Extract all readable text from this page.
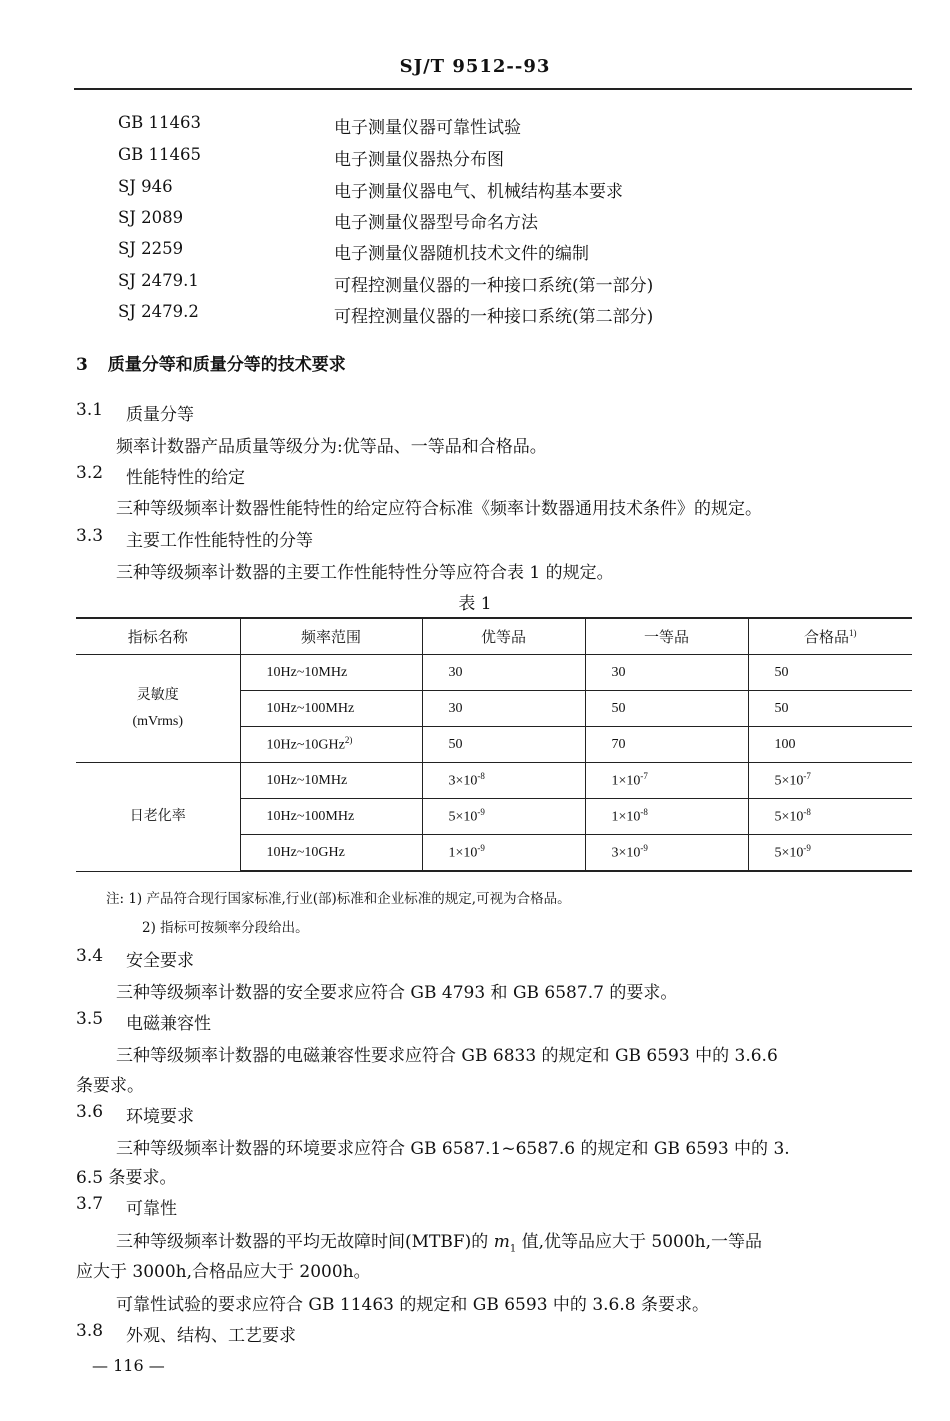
SJ/T 9512--93
GB 11463	电子测量仪器可靠性试验
GB 11465	电子测量仪器热分布图
SJ 946	电子测量仪器电气、机械结构基本要求
SJ 2089	电子测量仪器型号命名方法
SJ 2259	电子测量仪器随机技术文件的编制
SJ 2479.1	可程控测量仪器的一种接口系统(第一部分)
SJ 2479.2	可程控测量仪器的一种接口系统(第二部分)
3 质量分等和质量分等的技术要求
3.1 质量分等
频率计数器产品质量等级分为:优等品、一等品和合格品。
3.2 性能特性的给定
三种等级频率计数器性能特性的给定应符合标准《频率计数器通用技术条件》的规定。
3.3 主要工作性能特性的分等
三种等级频率计数器的主要工作性能特性分等应符合表 1 的规定。
表 1
指标名称	频率范围	优等品	一等品	合格品$^{1)}$
灵敏度
(mVrms)	10Hz~10MHz	30	30	50
	10Hz~100MHz	30	50	50
	10Hz~10GHz$^{2)}$	50	70	100
日老化率	10Hz~10MHz	$3\times 10^{-8}$	$1\times 10^{-7}$	$5\times 10^{-7}$
	10Hz~100MHz	$5\times 10^{-9}$	$1\times 10^{-8}$	$5\times 10^{-8}$
	10Hz~10GHz	$1\times 10^{-9}$	$3\times 10^{-9}$	$5\times 10^{-9}$
注: 1) 产品符合现行国家标准,行业(部)标准和企业标准的规定,可视为合格品。
2) 指标可按频率分段给出。
3.4 安全要求
三种等级频率计数器的安全要求应符合 GB 4793 和 GB 6587.7 的要求。
3.5 电磁兼容性
三种等级频率计数器的电磁兼容性要求应符合 GB 6833 的规定和 GB 6593 中的 3.6.6
条要求。
3.6 环境要求
三种等级频率计数器的环境要求应符合 GB 6587.1~6587.6 的规定和 GB 6593 中的 3.
6.5 条要求。
3.7 可靠性
三种等级频率计数器的平均无故障时间(MTBF)的 $m_1$ 值,优等品应大于 5000h,一等品
应大于 3000h,合格品应大于 2000h。
可靠性试验的要求应符合 GB 11463 的规定和 GB 6593 中的 3.6.8 条要求。
3.8 外观、结构、工艺要求
— 116 —
